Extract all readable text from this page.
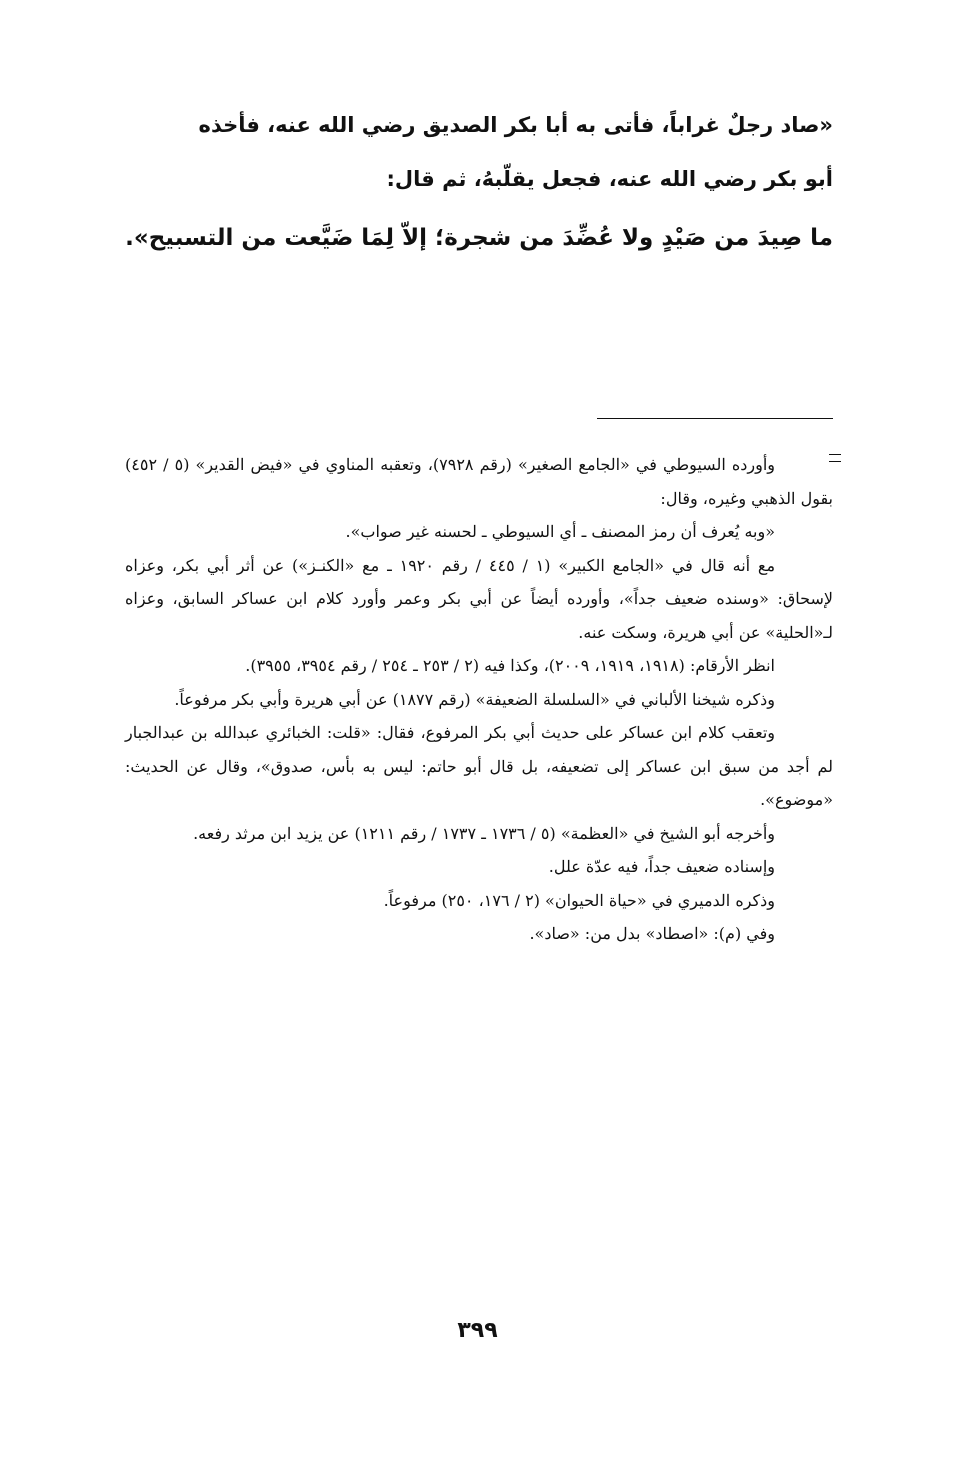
«صاد رجلٌ غراباً، فأتى به أبا بكر الصديق رضي الله عنه، فأخذه

أبو بكر رضي الله عنه، فجعل يقلّبهُ، ثم قال:

ما صِيدَ من صَيْدٍ ولا عُضِّدَ من شجرة؛ إلاّ لِمَا ضَيَّعت من التسبيح».

وأورده السيوطي في «الجامع الصغير» (رقم ٧٩٢٨)، وتعقبه المناوي في «فيض القدير» (٥ / ٤٥٢) بقول الذهبي وغيره، وقال:

«وبه يُعرف أن رمز المصنف ـ أي السيوطي ـ لحسنه غير صواب».

مع أنه قال في «الجامع الكبير» (١ / ٤٤٥ / رقم ١٩٢٠ ـ مع «الكنـز») عن أثر أبي بكر، وعزاه لإسحاق: «وسنده ضعيف جداً»، وأورده أيضاً عن أبي بكر وعمر وأورد كلام ابن عساكر السابق، وعزاه لـ«الحلية» عن أبي هريرة، وسكت عنه.

انظر الأرقام: (١٩١٨، ١٩١٩، ٢٠٠٩)، وكذا فيه (٢ / ٢٥٣ ـ ٢٥٤ / رقم ٣٩٥٤، ٣٩٥٥).

وذكره شيخنا الألباني في «السلسلة الضعيفة» (رقم ١٨٧٧) عن أبي هريرة وأبي بكر مرفوعاً.

وتعقب كلام ابن عساكر على حديث أبي بكر المرفوع، فقال: «قلت: الخبائري عبدالله بن عبدالجبار لم أجد من سبق ابن عساكر إلى تضعيفه، بل قال أبو حاتم: ليس به بأس، صدوق»، وقال عن الحديث: «موضوع».

وأخرجه أبو الشيخ في «العظمة» (٥ / ١٧٣٦ ـ ١٧٣٧ / رقم ١٢١١) عن يزيد ابن مرثد رفعه.

وإسناده ضعيف جداً، فيه عدّة علل.

وذكره الدميري في «حياة الحيوان» (٢ / ١٧٦، ٢٥٠) مرفوعاً.

وفي (م): «اصطاد» بدل من: «صاد».

٣٩٩
